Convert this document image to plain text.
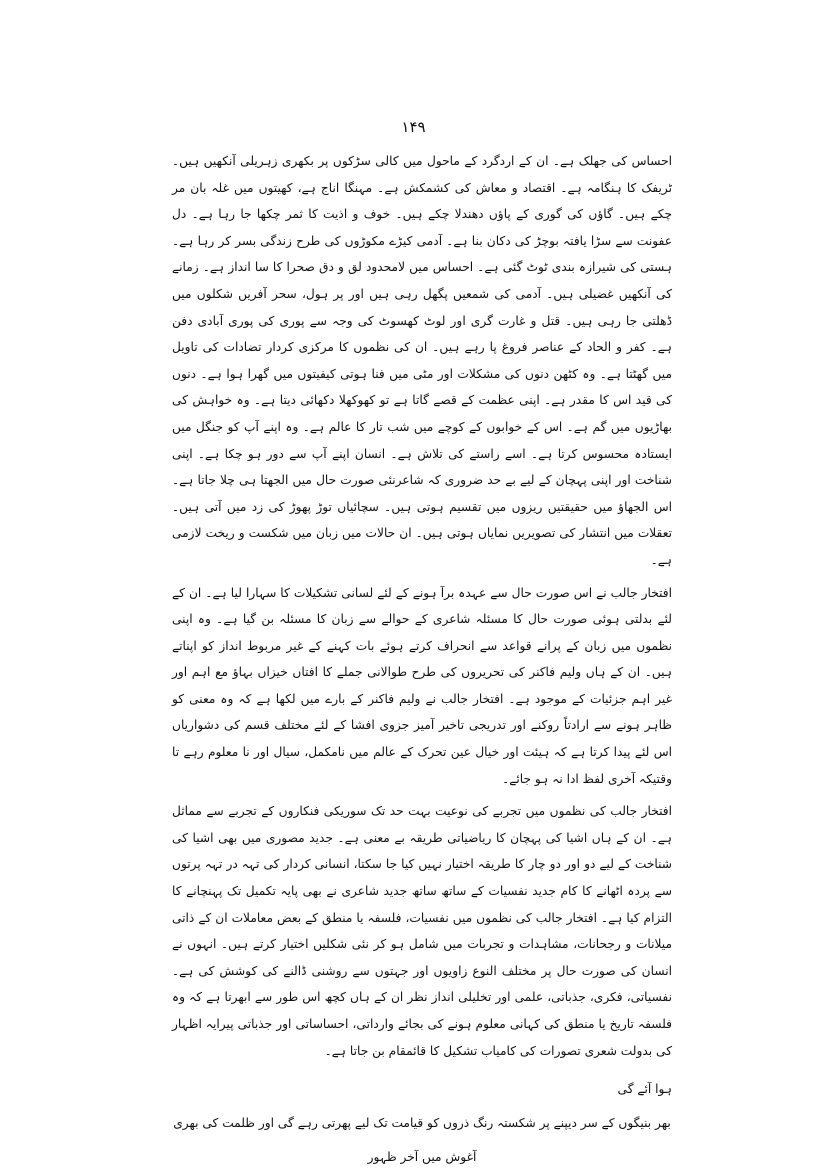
۱۴۹

احساس کی جھلک ہے۔ ان کے اردگرد کے ماحول میں کالی سڑکوں پر بکھری زہریلی آنکھیں ہیں۔ ٹریفک کا ہنگامہ ہے۔ اقتصاد و معاش کی کشمکش ہے۔ مہنگا اناج ہے، کھیتوں میں غلہ بان مر چکے ہیں۔ گاؤں کی گوری کے پاؤں دھندلا چکے ہیں۔ خوف و اذیت کا ثمر چکھا جا رہا ہے۔ دل عفونت سے سڑا یافتہ بوچڑ کی دکان بنا ہے۔ آدمی کیڑے مکوڑوں کی طرح زندگی بسر کر رہا ہے۔ ہستی کی شیرازہ بندی ٹوٹ گئی ہے۔ احساس میں لامحدود لق و دق صحرا کا سا انداز ہے۔ زمانے کی آنکھیں غضیلی ہیں۔ آدمی کی شمعیں پگھل رہی ہیں اور پر ہول، سحر آفریں شکلوں میں ڈھلتی جا رہی ہیں۔ قتل و غارت گری اور لوٹ کھسوٹ کی وجہ سے پوری کی پوری آبادی دفن ہے۔ کفر و الحاد کے عناصر فروغ پا رہے ہیں۔ ان کی نظموں کا مرکزی کردار تضادات کی تاویل میں گھٹتا ہے۔ وہ کٹھن دنوں کی مشکلات اور مٹی میں فنا ہوتی کیفیتوں میں گھرا ہوا ہے۔ دنوں کی قید اس کا مقدر ہے۔ اپنی عظمت کے قصے گاتا ہے تو کھوکھلا دکھائی دیتا ہے۔ وہ خواہش کی بھاڑیوں میں گم ہے۔ اس کے خوابوں کے کوچے میں شب تار کا عالم ہے۔ وہ اپنے آپ کو جنگل میں ایستادہ محسوس کرتا ہے۔ اسے راستے کی تلاش ہے۔ انسان اپنے آپ سے دور ہو چکا ہے۔ اپنی شناخت اور اپنی پہچان کے لیے بے حد ضروری کہ شاعرنئی صورت حال میں الجھتا ہی چلا جاتا ہے۔ اس الجھاؤ میں حقیقتیں ریزوں میں تقسیم ہوتی ہیں۔ سچائیاں توڑ پھوڑ کی زد میں آتی ہیں۔ تعقلات میں انتشار کی تصویریں نمایاں ہوتی ہیں۔ ان حالات میں زبان میں شکست و ریخت لازمی ہے۔

افتخار جالب نے اس صورت حال سے عہدہ برآ ہونے کے لئے لسانی تشکیلات کا سہارا لیا ہے۔ ان کے لئے بدلتی ہوئی صورت حال کا مسئلہ شاعری کے حوالے سے زبان کا مسئلہ بن گیا ہے۔ وہ اپنی نظموں میں زبان کے پرانے قواعد سے انحراف کرتے ہوئے بات کہنے کے غیر مربوط انداز کو اپناتے ہیں۔ ان کے ہاں ولیم فاکنر کی تحریروں کی طرح طوالانی جملے کا افتاں خیزاں بہاؤ مع اہم اور غیر اہم جزئیات کے موجود ہے۔ افتخار جالب نے ولیم فاکنر کے بارے میں لکھا ہے کہ وہ معنی کو ظاہر ہونے سے ارادتاً روکنے اور تدریجی تاخیر آمیز جزوی افشا کے لئے مختلف قسم کی دشواریاں اس لئے پیدا کرتا ہے کہ ہیئت اور خیال عین تحرک کے عالم میں نامکمل، سیال اور نا معلوم رہے تا وقتیکہ آخری لفظ ادا نہ ہو جائے۔

افتخار جالب کی نظموں میں تجربے کی نوعیت بہت حد تک سوریکی فنکاروں کے تجربے سے مماثل ہے۔ ان کے ہاں اشیا کی پہچان کا ریاضیاتی طریقہ بے معنی ہے۔ جدید مصوری میں بھی اشیا کی شناخت کے لیے دو اور دو چار کا طریقہ اختیار نہیں کیا جا سکتا، انسانی کردار کی تہہ در تہہ پرتوں سے پردہ اٹھانے کا کام جدید نفسیات کے ساتھ ساتھ جدید شاعری نے بھی پایہ تکمیل تک پہنچانے کا التزام کیا ہے۔ افتخار جالب کی نظموں میں نفسیات، فلسفہ یا منطق کے بعض معاملات ان کے ذاتی میلانات و رجحانات، مشاہدات و تجربات میں شامل ہو کر نئی شکلیں اختیار کرتے ہیں۔ انہوں نے انسان کی صورت حال پر مختلف النوع زاویوں اور جہتوں سے روشنی ڈالنے کی کوشش کی ہے۔ نفسیاتی، فکری، جذباتی، علمی اور تخلیلی انداز نظر ان کے ہاں کچھ اس طور سے ابھرتا ہے کہ وہ فلسفہ تاریخ یا منطق کی کہانی معلوم ہونے کی بجائے وارداتی، احساساتی اور جذباتی پیرایہ اظہار کی بدولت شعری تصورات کی کامیاب تشکیل کا قائمقام بن جاتا ہے۔

ہوا آئے گی
بھر بنیگوں کے سر دیپنے پر شکستہ رنگ ذروں کو قیامت تک لیے پھرتی رہے گی اور ظلمت کی بھری آغوش میں آخر ظہور
